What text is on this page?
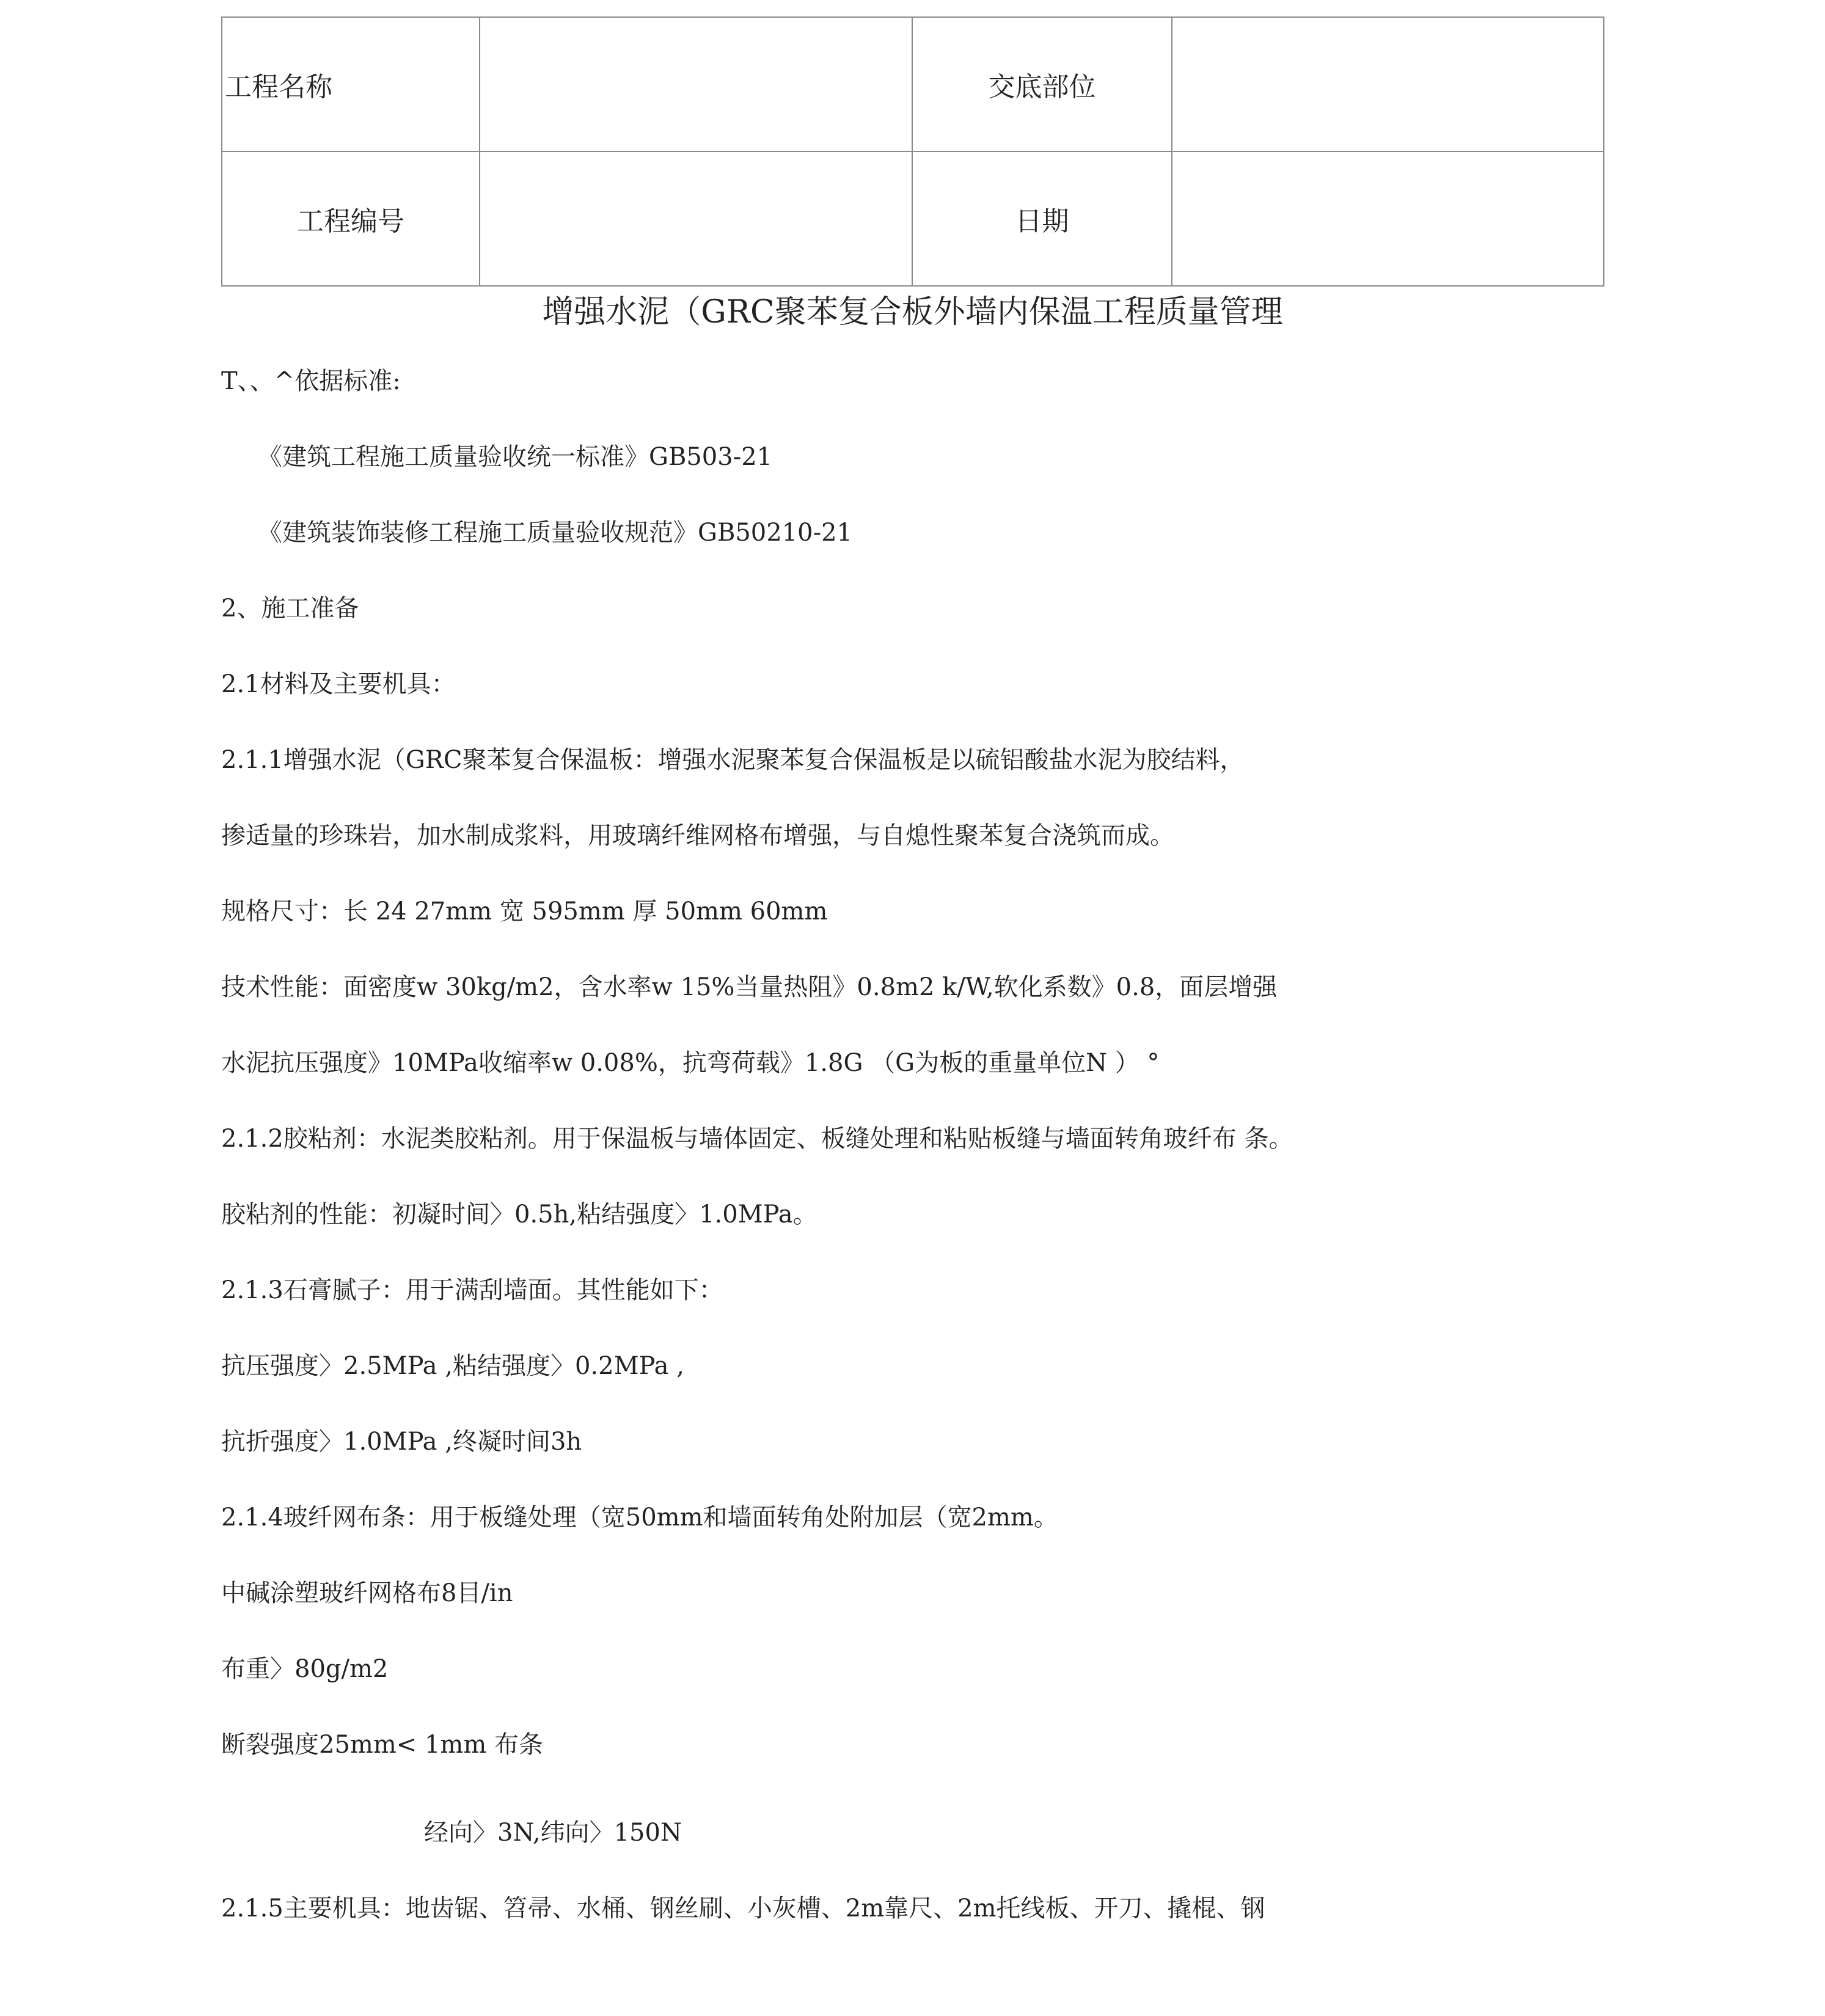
工程名称		交底部位	
工程编号		日期	
增强水泥（GRC聚苯复合板外墙内保温工程质量管理
T、、^依据标准:
《建筑工程施工质量验收统一标准》GB503-21
《建筑装饰装修工程施工质量验收规范》GB50210-21
2、施工准备
2.1材料及主要机具：
2.1.1增强水泥（GRC聚苯复合保温板：增强水泥聚苯复合保温板是以硫铝酸盐水泥为胶结料，
掺适量的珍珠岩，加水制成浆料，用玻璃纤维网格布增强，与自熄性聚苯复合浇筑而成。
规格尺寸：长 24 27mm 宽 595mm 厚 50mm 60mm
技术性能：面密度w 30kg/m2，含水率w 15%当量热阻》0.8m2 k/W,软化系数》0.8，面层增强
水泥抗压强度》10MPa收缩率w 0.08%，抗弯荷载》1.8G （G为板的重量单位N ） °
2.1.2胶粘剂：水泥类胶粘剂。用于保温板与墙体固定、板缝处理和粘贴板缝与墙面转角玻纤布 条。
胶粘剂的性能：初凝时间〉0.5h,粘结强度〉1.0MPa。
2.1.3石膏腻子：用于满刮墙面。其性能如下：
抗压强度〉2.5MPa ,粘结强度〉0.2MPa ,
抗折强度〉1.0MPa ,终凝时间3h
2.1.4玻纤网布条：用于板缝处理（宽50mm和墙面转角处附加层（宽2mm。
中碱涂塑玻纤网格布8目/in
布重〉80g/m2
断裂强度25mm< 1mm 布条
经向〉3N,纬向〉150N
2.1.5主要机具：地齿锯、笤帚、水桶、钢丝刷、小灰槽、2m靠尺、2m托线板、开刀、撬棍、钢
